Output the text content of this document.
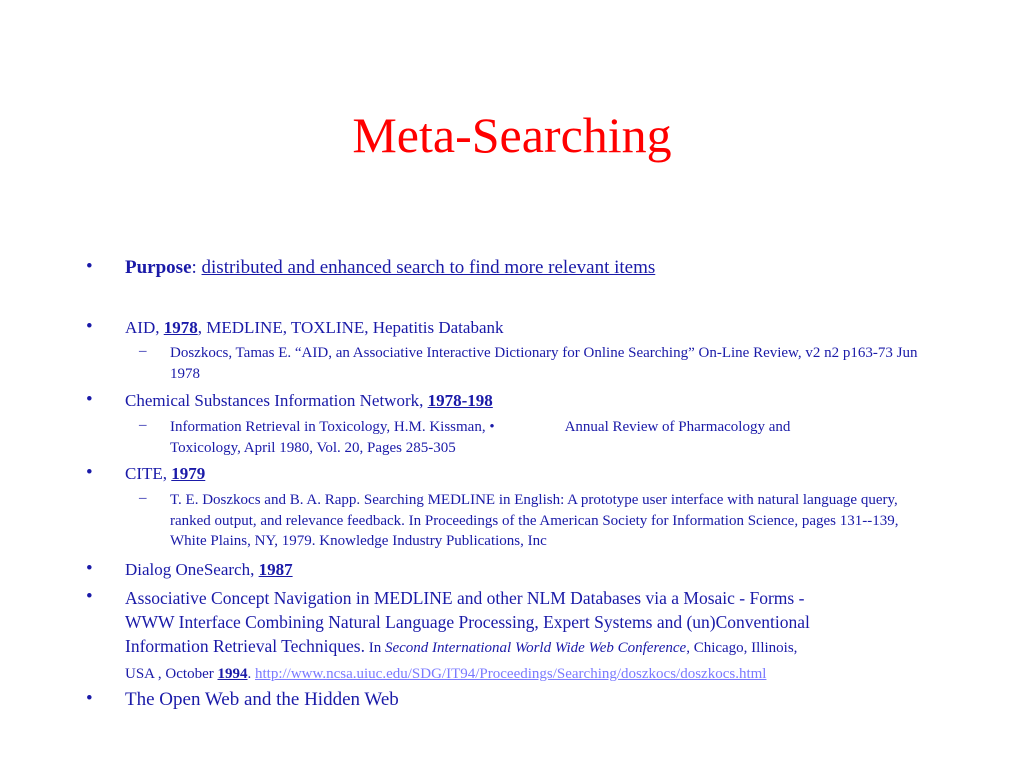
Meta-Searching
• Purpose: distributed and enhanced search to find more relevant items
• AID, 1978, MEDLINE, TOXLINE, Hepatitis Databank
– Doszkocs, Tamas E. “AID, an Associative Interactive Dictionary for Online Searching” On-Line Review, v2 n2 p163-73 Jun 1978
• Chemical Substances Information Network, 1978-198
– Information Retrieval in Toxicology, H.M. Kissman, •	Annual Review of Pharmacology and
Toxicology, April 1980, Vol. 20, Pages 285-305
• CITE, 1979
– T. E. Doszkocs and B. A. Rapp. Searching MEDLINE in English: A prototype user interface with natural language query, ranked output, and relevance feedback. In Proceedings of the American Society for Information Science, pages 131--139, White Plains, NY, 1979. Knowledge Industry Publications, Inc
• Dialog OneSearch, 1987
• Associative Concept Navigation in MEDLINE and other NLM Databases via a Mosaic - Forms -
WWW Interface Combining Natural Language Processing, Expert Systems and (un)Conventional
Information Retrieval Techniques. In Second International World Wide Web Conference, Chicago, Illinois,
USA , October 1994. http://www.ncsa.uiuc.edu/SDG/IT94/Proceedings/Searching/doszkocs/doszkocs.html
• The Open Web and the Hidden Web
